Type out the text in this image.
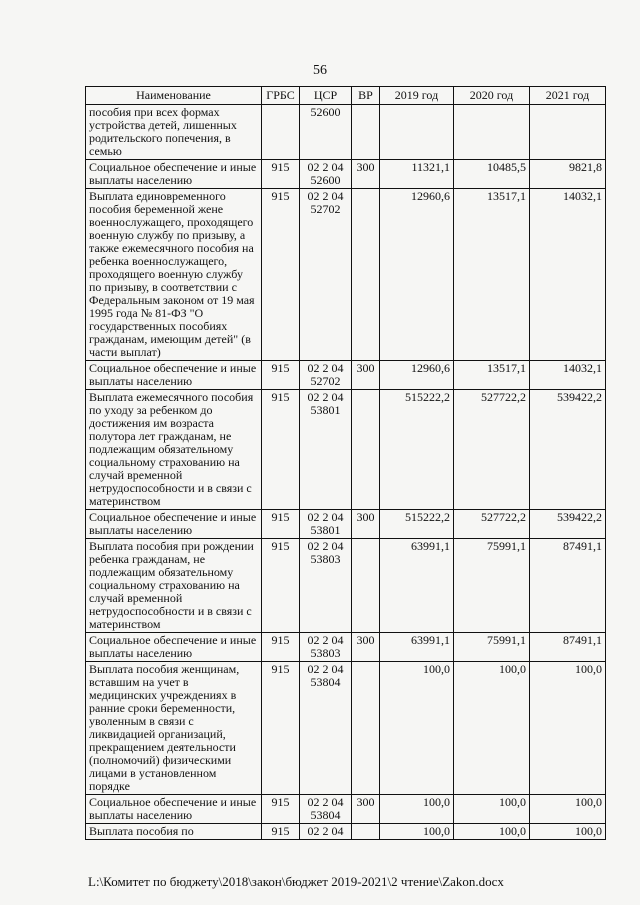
56
Наименование	ГРБС	ЦСР	ВР	2019 год	2020 год	2021 год
пособия при всех формах устройства детей, лишенных родительского попечения, в семью		52600				
Социальное обеспечение и иные выплаты населению	915	02 2 04 52600	300	11321,1	10485,5	9821,8
Выплата единовременного пособия беременной жене военнослужащего, проходящего военную службу по призыву, а также ежемесячного пособия на ребенка военнослужащего, проходящего военную службу по призыву, в соответствии с Федеральным законом от 19 мая 1995 года № 81-ФЗ "О государственных пособиях гражданам, имеющим детей" (в части выплат)	915	02 2 04 52702		12960,6	13517,1	14032,1
Социальное обеспечение и иные выплаты населению	915	02 2 04 52702	300	12960,6	13517,1	14032,1
Выплата ежемесячного пособия по уходу за ребенком до достижения им возраста полутора лет гражданам, не подлежащим обязательному социальному страхованию на случай временной нетрудоспособности и в связи с материнством	915	02 2 04 53801		515222,2	527722,2	539422,2
Социальное обеспечение и иные выплаты населению	915	02 2 04 53801	300	515222,2	527722,2	539422,2
Выплата пособия при рождении ребенка гражданам, не подлежащим обязательному социальному страхованию на случай временной нетрудоспособности и в связи с материнством	915	02 2 04 53803		63991,1	75991,1	87491,1
Социальное обеспечение и иные выплаты населению	915	02 2 04 53803	300	63991,1	75991,1	87491,1
Выплата пособия женщинам, вставшим на учет в медицинских учреждениях в ранние сроки беременности, уволенным в связи с ликвидацией организаций, прекращением деятельности (полномочий) физическими лицами в установленном порядке	915	02 2 04 53804		100,0	100,0	100,0
Социальное обеспечение и иные выплаты населению	915	02 2 04 53804	300	100,0	100,0	100,0
Выплата пособия по	915	02 2 04		100,0	100,0	100,0
L:\Комитет по бюджету\2018\закон\бюджет 2019-2021\2 чтение\Zakon.docx
